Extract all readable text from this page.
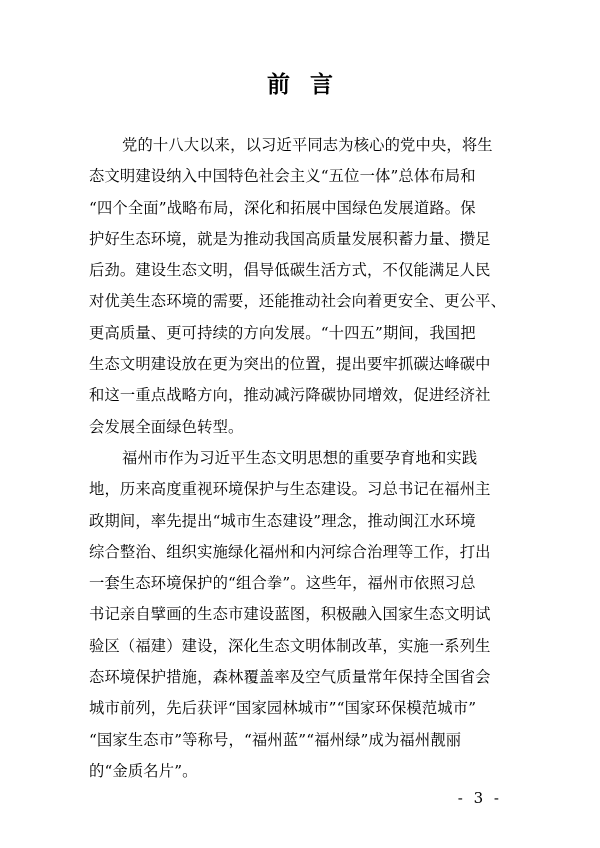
前言
党的十八大以来，以习近平同志为核心的党中央，将生
态文明建设纳入中国特色社会主义“五位一体”总体布局和
“四个全面”战略布局，深化和拓展中国绿色发展道路。保
护好生态环境，就是为推动我国高质量发展积蓄力量、攒足
后劲。建设生态文明，倡导低碳生活方式，不仅能满足人民
对优美生态环境的需要，还能推动社会向着更安全、更公平、
更高质量、更可持续的方向发展。“十四五”期间，我国把
生态文明建设放在更为突出的位置，提出要牢抓碳达峰碳中
和这一重点战略方向，推动减污降碳协同增效，促进经济社
会发展全面绿色转型。
福州市作为习近平生态文明思想的重要孕育地和实践
地，历来高度重视环境保护与生态建设。习总书记在福州主
政期间，率先提出“城市生态建设”理念，推动闽江水环境
综合整治、组织实施绿化福州和内河综合治理等工作，打出
一套生态环境保护的“组合拳”。这些年，福州市依照习总
书记亲自擘画的生态市建设蓝图，积极融入国家生态文明试
验区（福建）建设，深化生态文明体制改革，实施一系列生
态环境保护措施，森林覆盖率及空气质量常年保持全国省会
城市前列，先后获评“国家园林城市”“国家环保模范城市”
“国家生态市”等称号，“福州蓝”“福州绿”成为福州靓丽
的“金质名片”。
- 3 -
